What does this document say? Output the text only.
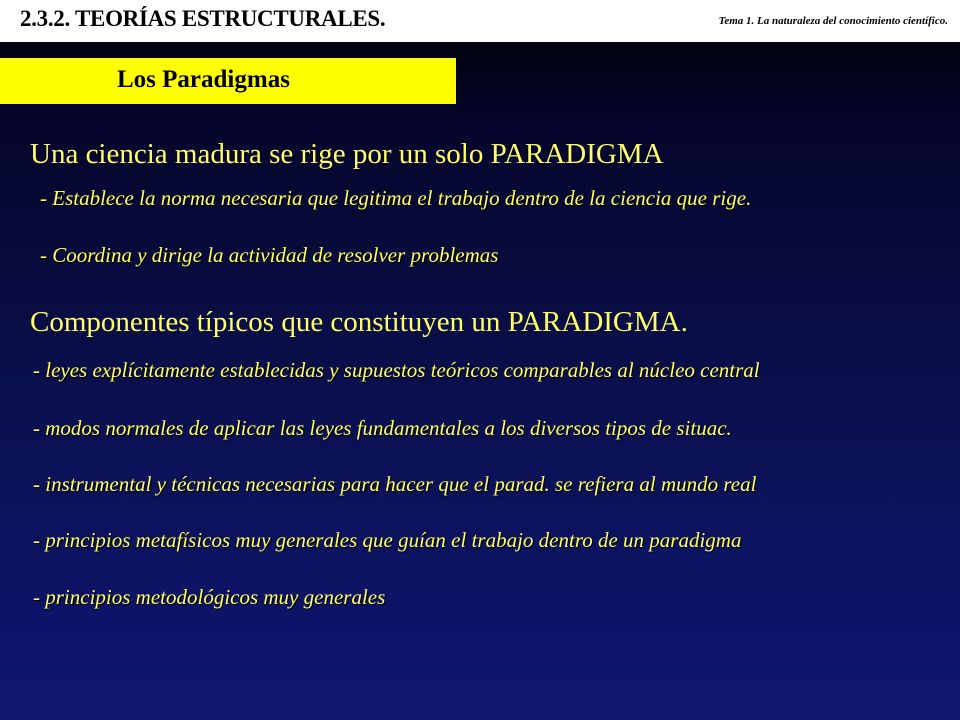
2.3.2. TEORÍAS ESTRUCTURALES.	Tema 1. La naturaleza del conocimiento científico.
Los Paradigmas
Una ciencia madura se rige por un solo PARADIGMA
- Establece la norma necesaria que legitima el trabajo dentro de la ciencia que rige.
- Coordina y dirige la actividad de resolver problemas
Componentes típicos que constituyen un PARADIGMA.
- leyes explícitamente establecidas y supuestos teóricos comparables al núcleo central
- modos normales de aplicar las leyes fundamentales a los diversos tipos de situac.
- instrumental y técnicas necesarias para hacer que el parad. se refiera al mundo real
- principios metafísicos muy generales que guían el trabajo dentro de un paradigma
- principios metodológicos muy generales
